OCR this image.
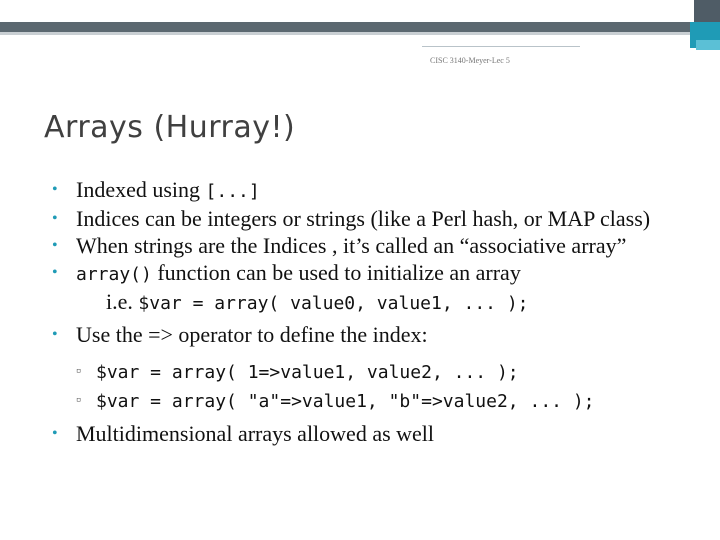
CISC 3140-Meyer-Lec 5
Arrays (Hurray!)
• Indexed using [...]
• Indices can be integers or strings (like a Perl hash, or MAP class)
• When strings are the Indices , it’s called an “associative array”
• array() function can be used to initialize an array
i.e. $var = array( value0, value1, ... );
• Use the => operator to define the index:
▫ $var = array( 1=>value1, value2, ... );
▫ $var = array( "a"=>value1, "b"=>value2, ... );
• Multidimensional arrays allowed as well
